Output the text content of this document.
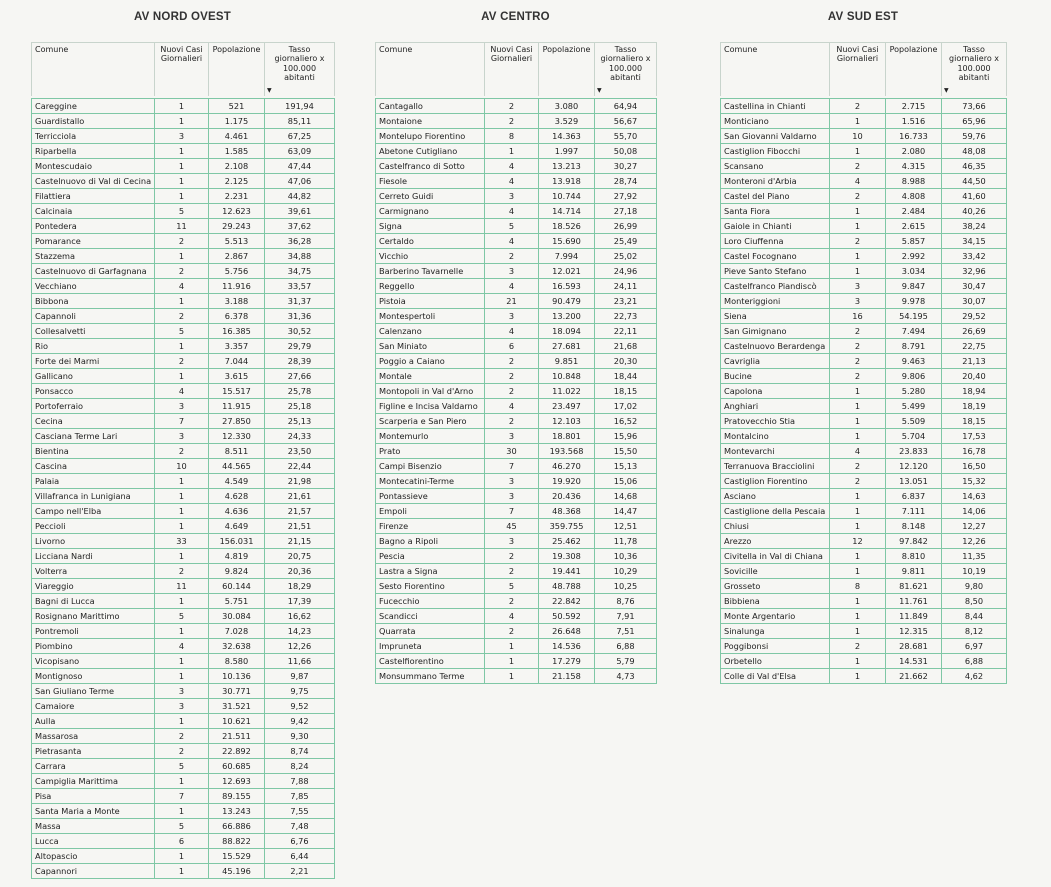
AV NORD OVEST
Comune	Nuovi Casi Giornalieri	Popolazione	Tasso giornaliero x 100.000 abitanti
▼

Careggine	1	521	191,94
Guardistallo	1	1.175	85,11
Terricciola	3	4.461	67,25
Riparbella	1	1.585	63,09
Montescudaio	1	2.108	47,44
Castelnuovo di Val di Cecina	1	2.125	47,06
Filattiera	1	2.231	44,82
Calcinaia	5	12.623	39,61
Pontedera	11	29.243	37,62
Pomarance	2	5.513	36,28
Stazzema	1	2.867	34,88
Castelnuovo di Garfagnana	2	5.756	34,75
Vecchiano	4	11.916	33,57
Bibbona	1	3.188	31,37
Capannoli	2	6.378	31,36
Collesalvetti	5	16.385	30,52
Rio	1	3.357	29,79
Forte dei Marmi	2	7.044	28,39
Gallicano	1	3.615	27,66
Ponsacco	4	15.517	25,78
Portoferraio	3	11.915	25,18
Cecina	7	27.850	25,13
Casciana Terme Lari	3	12.330	24,33
Bientina	2	8.511	23,50
Cascina	10	44.565	22,44
Palaia	1	4.549	21,98
Villafranca in Lunigiana	1	4.628	21,61
Campo nell'Elba	1	4.636	21,57
Peccioli	1	4.649	21,51
Livorno	33	156.031	21,15
Licciana Nardi	1	4.819	20,75
Volterra	2	9.824	20,36
Viareggio	11	60.144	18,29
Bagni di Lucca	1	5.751	17,39
Rosignano Marittimo	5	30.084	16,62
Pontremoli	1	7.028	14,23
Piombino	4	32.638	12,26
Vicopisano	1	8.580	11,66
Montignoso	1	10.136	9,87
San Giuliano Terme	3	30.771	9,75
Camaiore	3	31.521	9,52
Aulla	1	10.621	9,42
Massarosa	2	21.511	9,30
Pietrasanta	2	22.892	8,74
Carrara	5	60.685	8,24
Campiglia Marittima	1	12.693	7,88
Pisa	7	89.155	7,85
Santa Maria a Monte	1	13.243	7,55
Massa	5	66.886	7,48
Lucca	6	88.822	6,76
Altopascio	1	15.529	6,44
Capannori	1	45.196	2,21
AV CENTRO
Comune	Nuovi Casi Giornalieri	Popolazione	Tasso giornaliero x 100.000 abitanti
▼

Cantagallo	2	3.080	64,94
Montaione	2	3.529	56,67
Montelupo Fiorentino	8	14.363	55,70
Abetone Cutigliano	1	1.997	50,08
Castelfranco di Sotto	4	13.213	30,27
Fiesole	4	13.918	28,74
Cerreto Guidi	3	10.744	27,92
Carmignano	4	14.714	27,18
Signa	5	18.526	26,99
Certaldo	4	15.690	25,49
Vicchio	2	7.994	25,02
Barberino Tavarnelle	3	12.021	24,96
Reggello	4	16.593	24,11
Pistoia	21	90.479	23,21
Montespertoli	3	13.200	22,73
Calenzano	4	18.094	22,11
San Miniato	6	27.681	21,68
Poggio a Caiano	2	9.851	20,30
Montale	2	10.848	18,44
Montopoli in Val d'Arno	2	11.022	18,15
Figline e Incisa Valdarno	4	23.497	17,02
Scarperia e San Piero	2	12.103	16,52
Montemurlo	3	18.801	15,96
Prato	30	193.568	15,50
Campi Bisenzio	7	46.270	15,13
Montecatini-Terme	3	19.920	15,06
Pontassieve	3	20.436	14,68
Empoli	7	48.368	14,47
Firenze	45	359.755	12,51
Bagno a Ripoli	3	25.462	11,78
Pescia	2	19.308	10,36
Lastra a Signa	2	19.441	10,29
Sesto Fiorentino	5	48.788	10,25
Fucecchio	2	22.842	8,76
Scandicci	4	50.592	7,91
Quarrata	2	26.648	7,51
Impruneta	1	14.536	6,88
Castelfiorentino	1	17.279	5,79
Monsummano Terme	1	21.158	4,73
AV SUD EST
Comune	Nuovi Casi Giornalieri	Popolazione	Tasso giornaliero x 100.000 abitanti
▼

Castellina in Chianti	2	2.715	73,66
Monticiano	1	1.516	65,96
San Giovanni Valdarno	10	16.733	59,76
Castiglion Fibocchi	1	2.080	48,08
Scansano	2	4.315	46,35
Monteroni d'Arbia	4	8.988	44,50
Castel del Piano	2	4.808	41,60
Santa Fiora	1	2.484	40,26
Gaiole in Chianti	1	2.615	38,24
Loro Ciuffenna	2	5.857	34,15
Castel Focognano	1	2.992	33,42
Pieve Santo Stefano	1	3.034	32,96
Castelfranco Piandiscò	3	9.847	30,47
Monteriggioni	3	9.978	30,07
Siena	16	54.195	29,52
San Gimignano	2	7.494	26,69
Castelnuovo Berardenga	2	8.791	22,75
Cavriglia	2	9.463	21,13
Bucine	2	9.806	20,40
Capolona	1	5.280	18,94
Anghiari	1	5.499	18,19
Pratovecchio Stia	1	5.509	18,15
Montalcino	1	5.704	17,53
Montevarchi	4	23.833	16,78
Terranuova Bracciolini	2	12.120	16,50
Castiglion Fiorentino	2	13.051	15,32
Asciano	1	6.837	14,63
Castiglione della Pescaia	1	7.111	14,06
Chiusi	1	8.148	12,27
Arezzo	12	97.842	12,26
Civitella in Val di Chiana	1	8.810	11,35
Sovicille	1	9.811	10,19
Grosseto	8	81.621	9,80
Bibbiena	1	11.761	8,50
Monte Argentario	1	11.849	8,44
Sinalunga	1	12.315	8,12
Poggibonsi	2	28.681	6,97
Orbetello	1	14.531	6,88
Colle di Val d'Elsa	1	21.662	4,62
